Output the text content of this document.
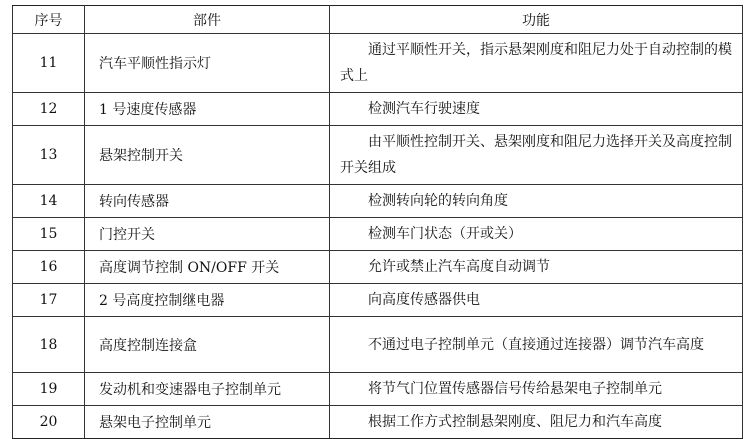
序号	部件	功能
11	汽车平顺性指示灯	通过平顺性开关，指示悬架刚度和阻尼力处于自动控制的模式上
12	1 号速度传感器	检测汽车行驶速度
13	悬架控制开关	由平顺性控制开关、悬架刚度和阻尼力选择开关及高度控制开关组成
14	转向传感器	检测转向轮的转向角度
15	门控开关	检测车门状态（开或关）
16	高度调节控制 ON/OFF 开关	允许或禁止汽车高度自动调节
17	2 号高度控制继电器	向高度传感器供电
18	高度控制连接盒	不通过电子控制单元（直接通过连接器）调节汽车高度
19	发动机和变速器电子控制单元	将节气门位置传感器信号传给悬架电子控制单元
20	悬架电子控制单元	根据工作方式控制悬架刚度、阻尼力和汽车高度
